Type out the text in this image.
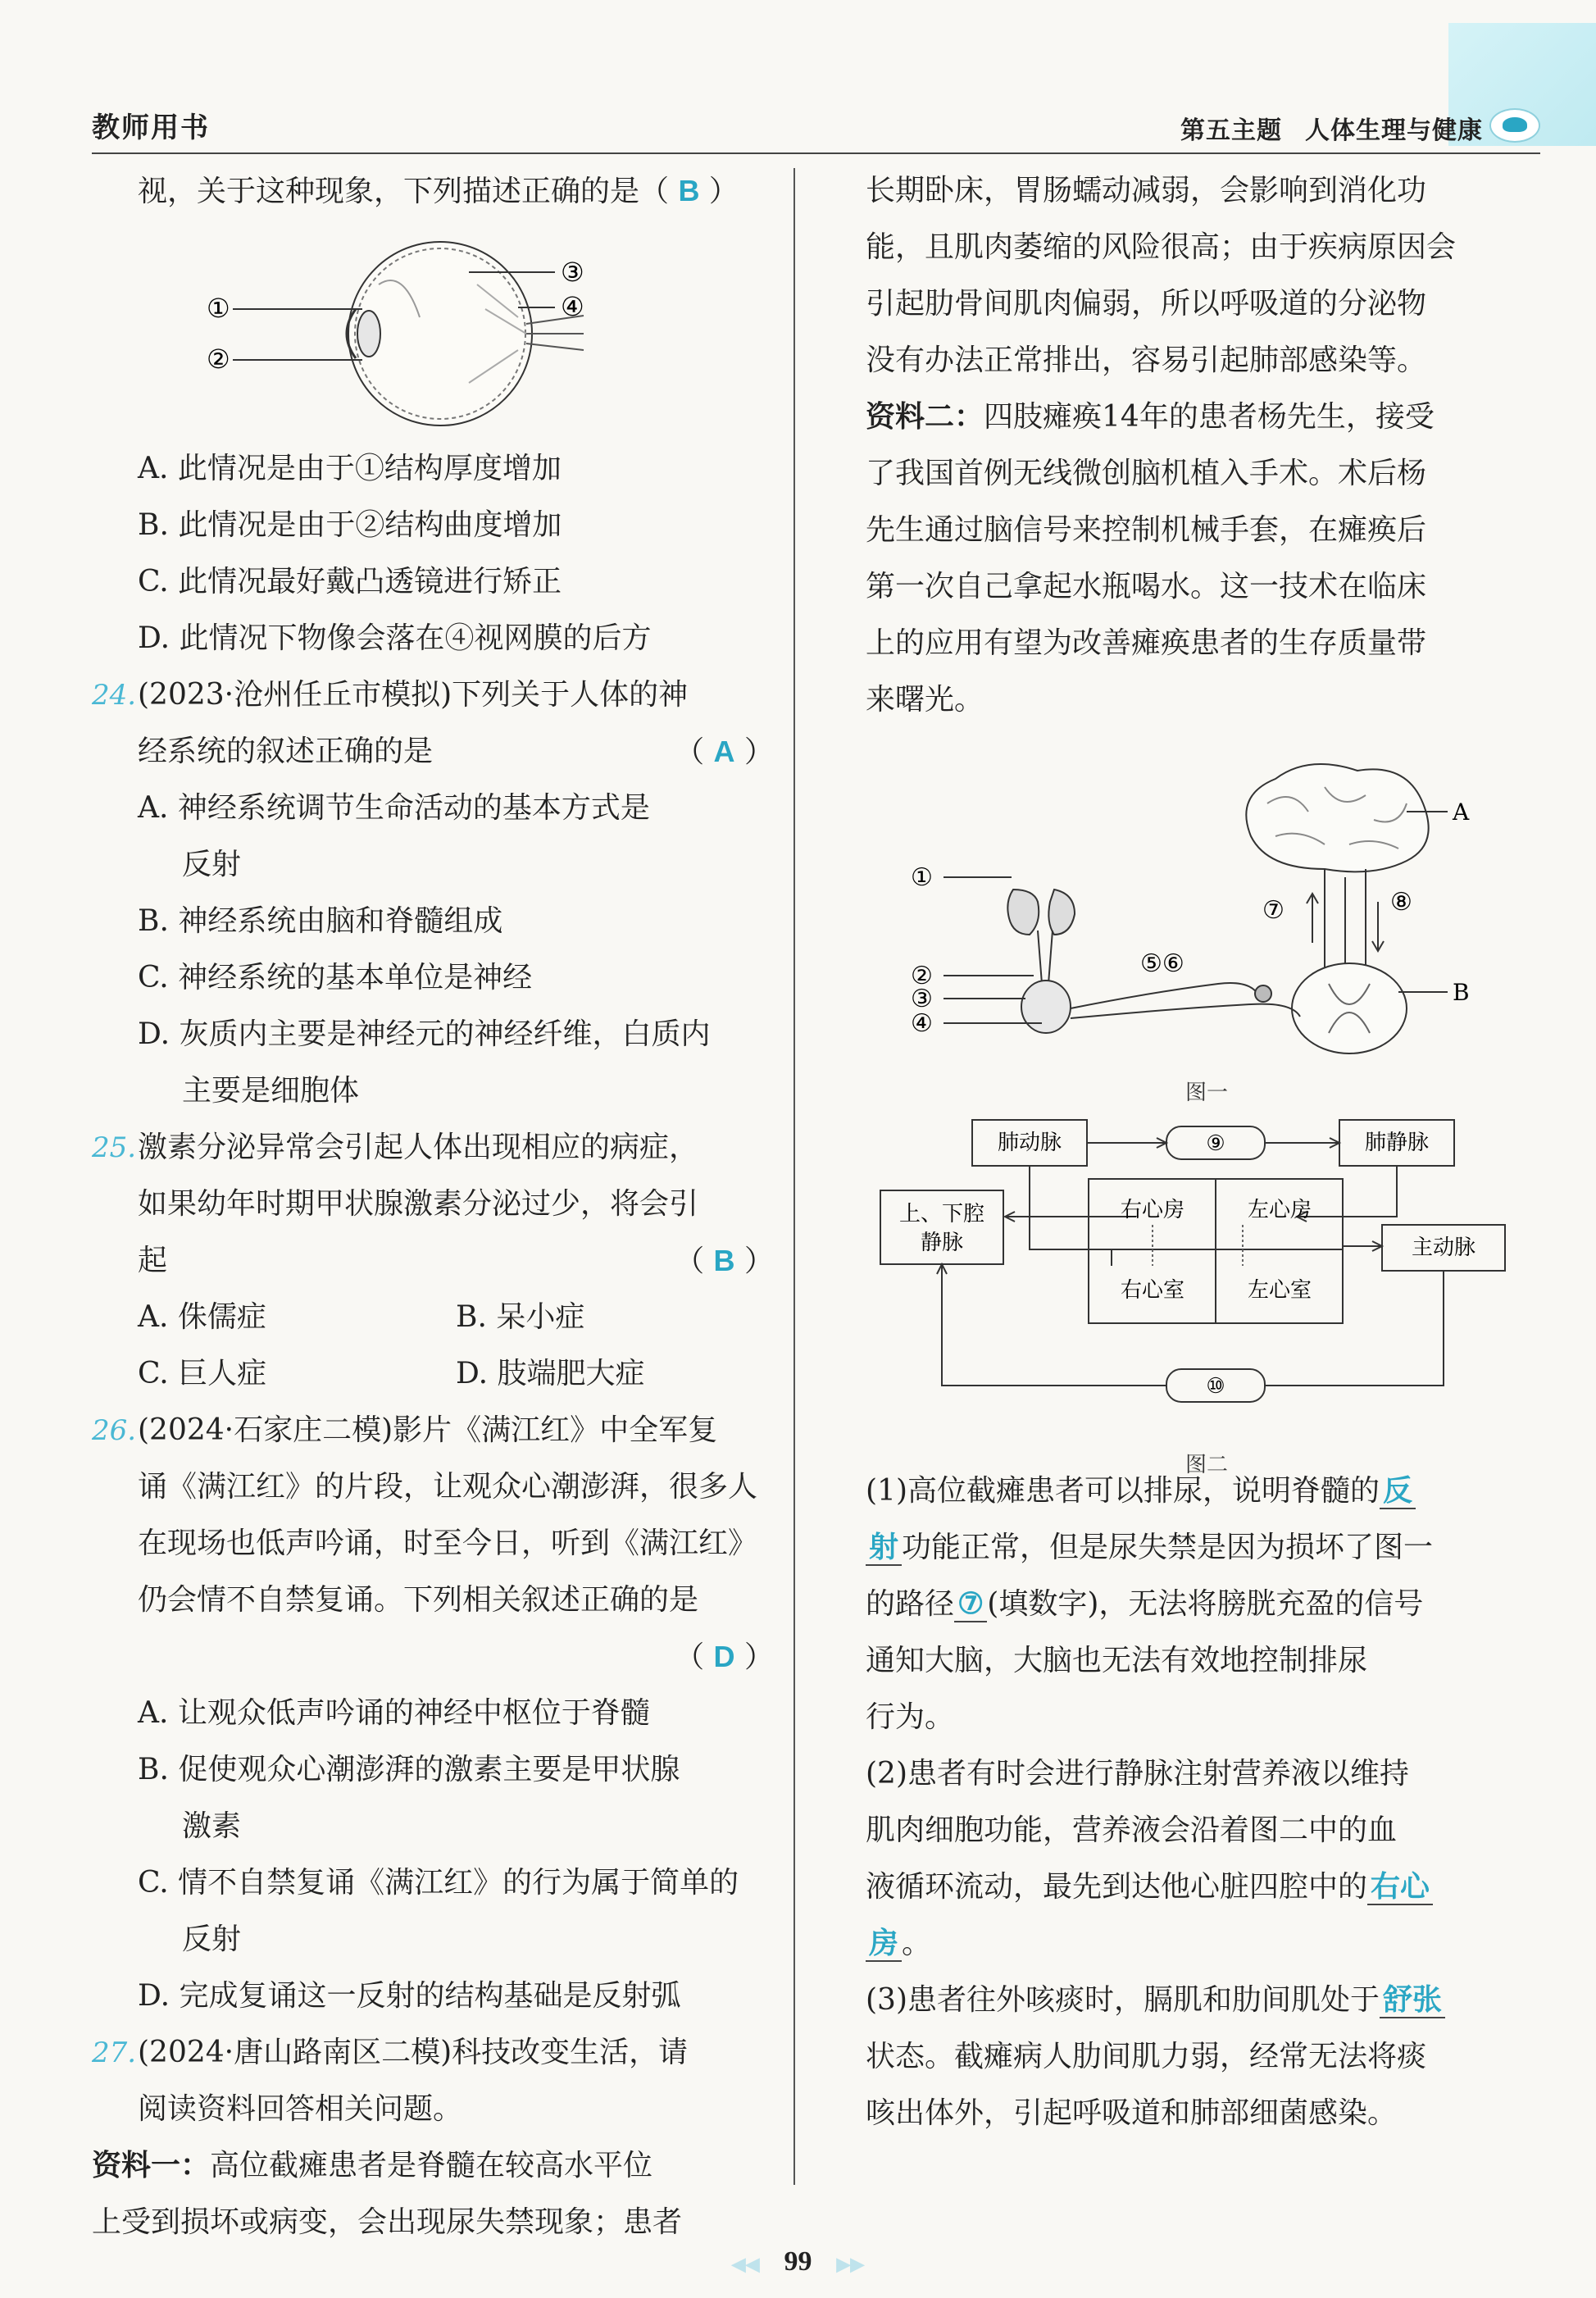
教师用书	第五主题 人体生理与健康
视，关于这种现象，下列描述正确的是（ B ）
①
②
③
④
A. 此情况是由于①结构厚度增加
B. 此情况是由于②结构曲度增加
C. 此情况最好戴凸透镜进行矫正
D. 此情况下物像会落在④视网膜的后方
24.(2023·沧州任丘市模拟)下列关于人体的神
经系统的叙述正确的是	（ A ）
A. 神经系统调节生命活动的基本方式是
反射
B. 神经系统由脑和脊髓组成
C. 神经系统的基本单位是神经
D. 灰质内主要是神经元的神经纤维，白质内
主要是细胞体
25.激素分泌异常会引起人体出现相应的病症，
如果幼年时期甲状腺激素分泌过少，将会引
起	（ B ）
A. 侏儒症	B. 呆小症
C. 巨人症	D. 肢端肥大症
26.(2024·石家庄二模)影片《满江红》中全军复
诵《满江红》的片段，让观众心潮澎湃，很多人
在现场也低声吟诵，时至今日，听到《满江红》
仍会情不自禁复诵。下列相关叙述正确的是
（ D ）
A. 让观众低声吟诵的神经中枢位于脊髓
B. 促使观众心潮澎湃的激素主要是甲状腺
激素
C. 情不自禁复诵《满江红》的行为属于简单的
反射
D. 完成复诵这一反射的结构基础是反射弧
27.(2024·唐山路南区二模)科技改变生活，请
阅读资料回答相关问题。
资料一：高位截瘫患者是脊髓在较高水平位
上受到损坏或病变，会出现尿失禁现象；患者
长期卧床，胃肠蠕动减弱，会影响到消化功
能，且肌肉萎缩的风险很高；由于疾病原因会
引起肋骨间肌肉偏弱，所以呼吸道的分泌物
没有办法正常排出，容易引起肺部感染等。
资料二：四肢瘫痪14年的患者杨先生，接受
了我国首例无线微创脑机植入手术。术后杨
先生通过脑信号来控制机械手套，在瘫痪后
第一次自己拿起水瓶喝水。这一技术在临床
上的应用有望为改善瘫痪患者的生存质量带
来曙光。
①
②
③
④
⑤⑥
⑦	⑧
A
B
图一
肺动脉	⑨	肺静脉
上、下腔
静脉
右心房	左心房
右心室	左心室
主动脉
⑩
图二
(1)高位截瘫患者可以排尿，说明脊髓的 反
射 功能正常，但是尿失禁是因为损坏了图一
的路径 ⑦ (填数字)，无法将膀胱充盈的信号
通知大脑，大脑也无法有效地控制排尿
行为。
(2)患者有时会进行静脉注射营养液以维持
肌肉细胞功能，营养液会沿着图二中的血
液循环流动，最先到达他心脏四腔中的 右心
房 。
(3)患者往外咳痰时，膈肌和肋间肌处于 舒张
状态。截瘫病人肋间肌力弱，经常无法将痰
咳出体外，引起呼吸道和肺部细菌感染。
◀◀ 99 ▶▶
